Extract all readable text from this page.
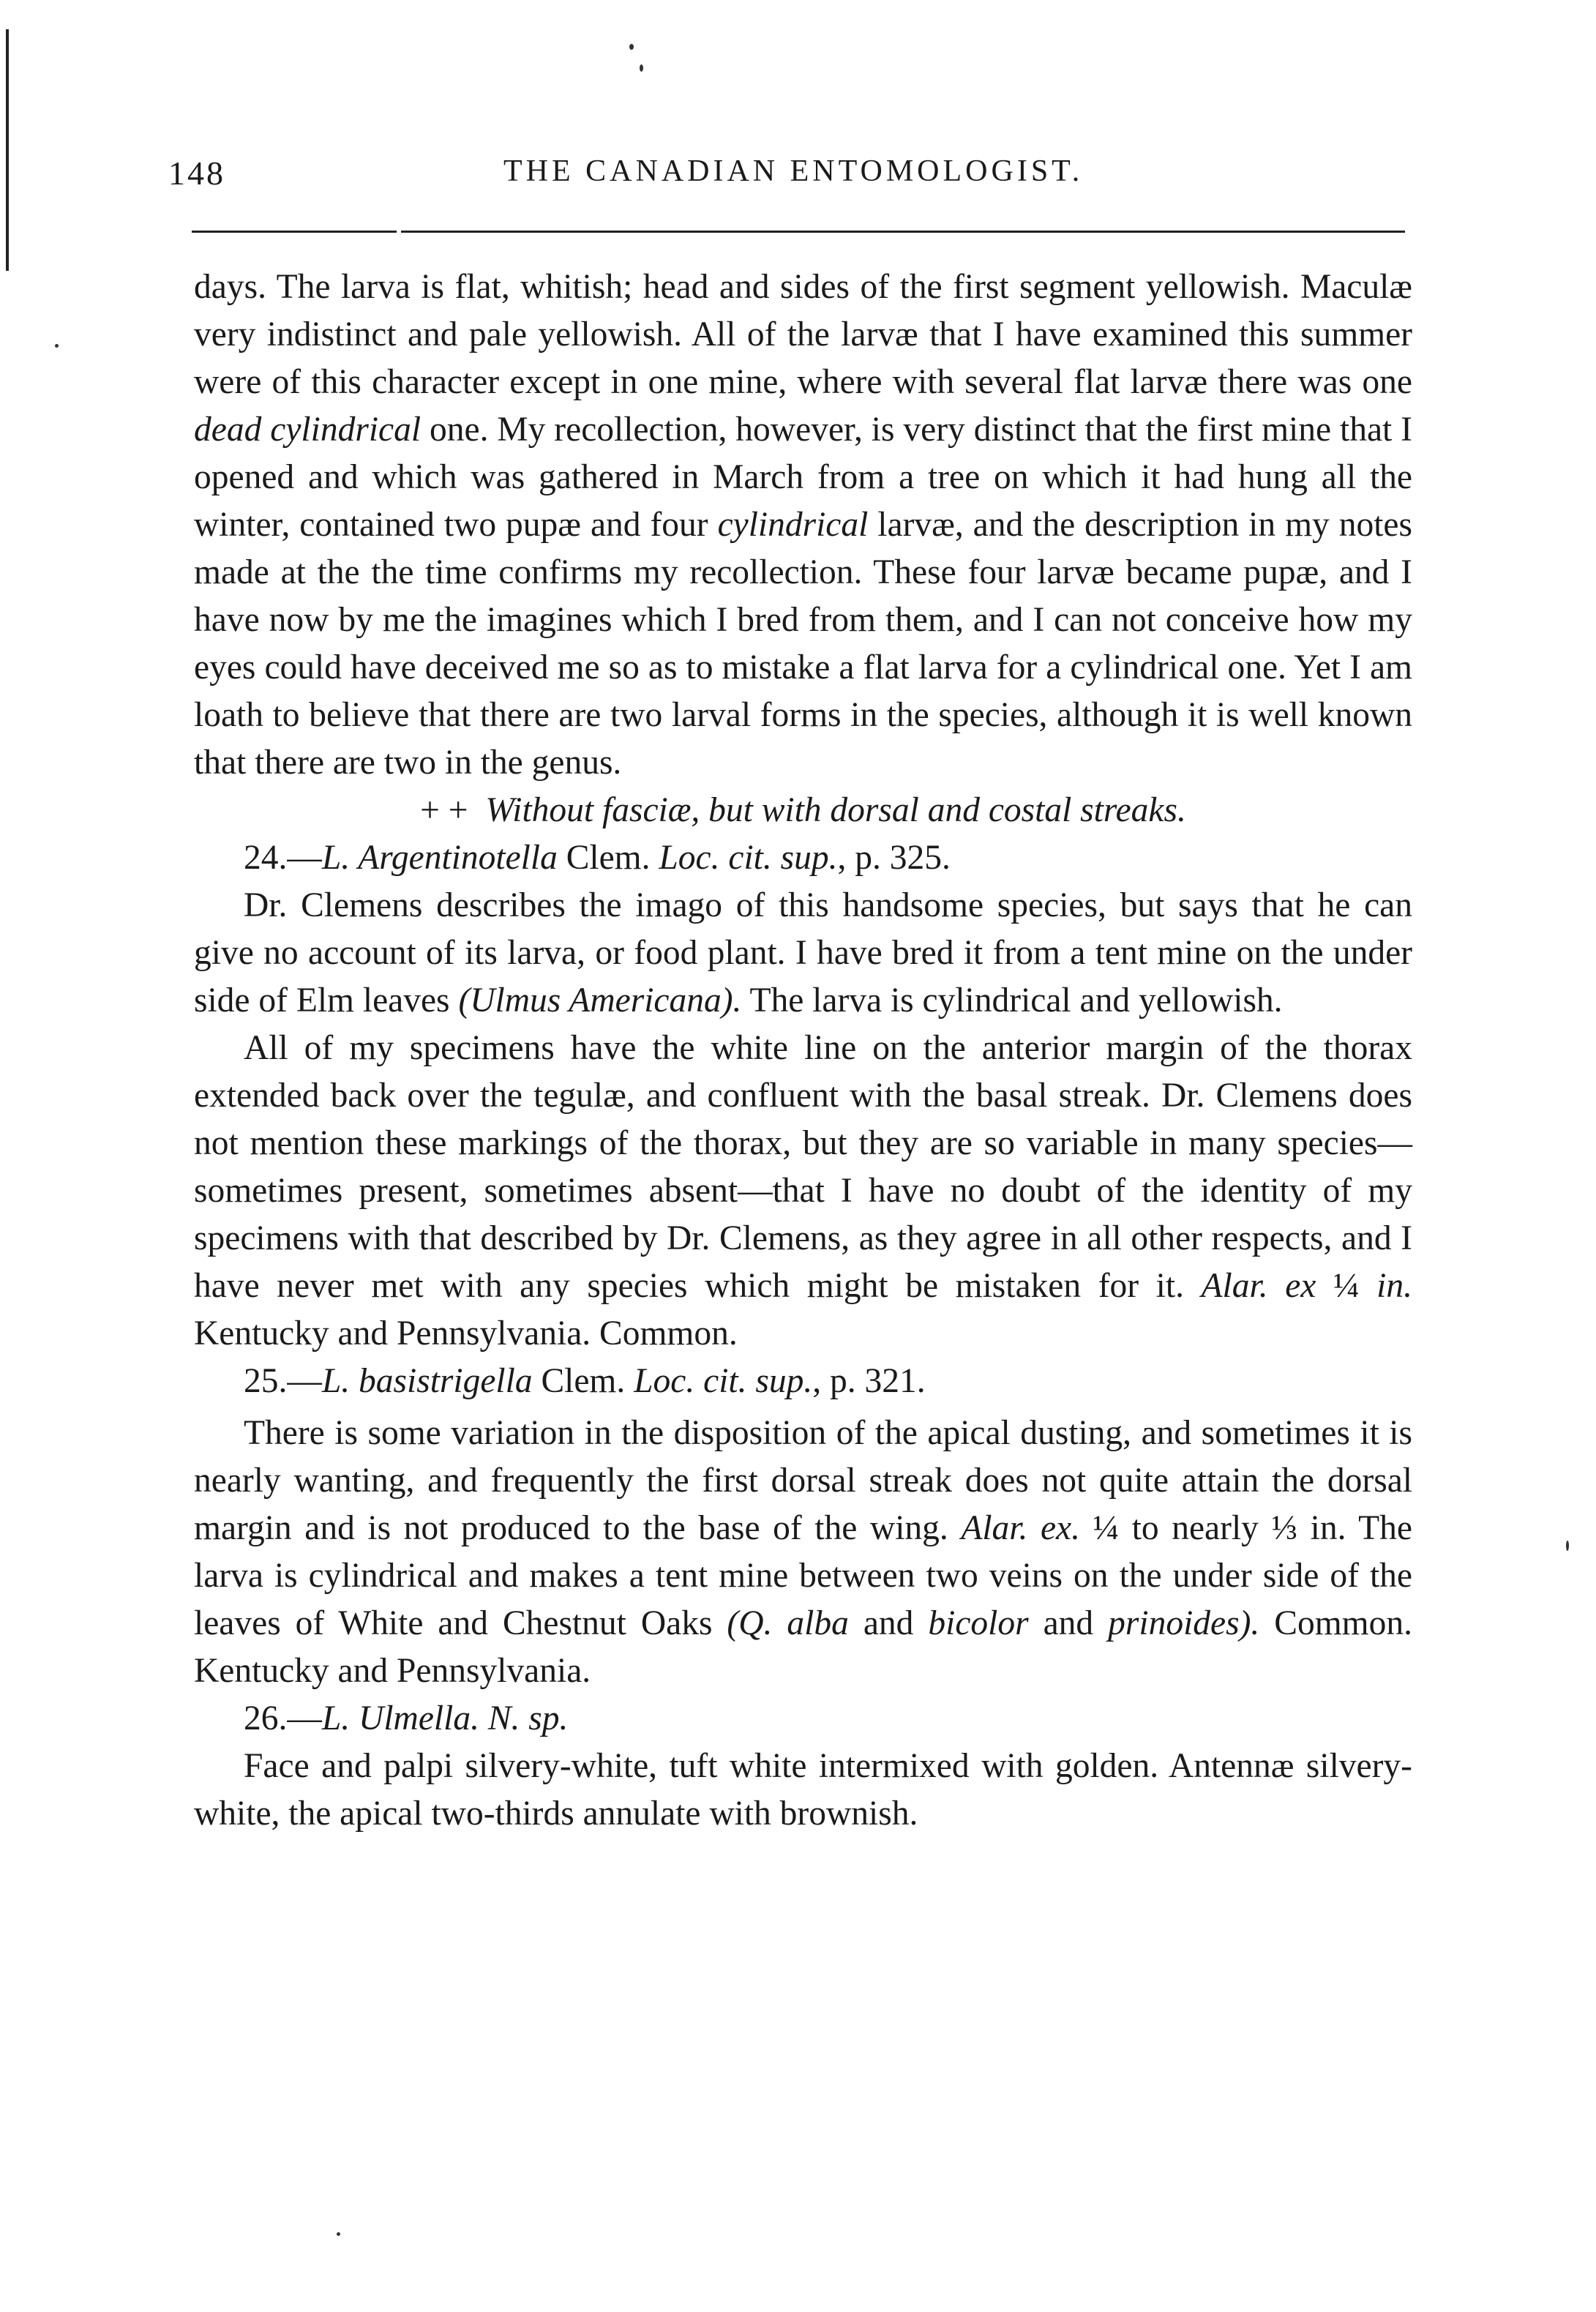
148	THE CANADIAN ENTOMOLOGIST.

days. The larva is flat, whitish; head and sides of the first segment yellowish. Maculæ very indistinct and pale yellowish. All of the larvæ that I have examined this summer were of this character except in one mine, where with several flat larvæ there was one dead cylindrical one. My recollection, however, is very distinct that the first mine that I opened and which was gathered in March from a tree on which it had hung all the winter, contained two pupæ and four cylindrical larvæ, and the description in my notes made at the the time confirms my recollection. These four larvæ became pupæ, and I have now by me the imagines which I bred from them, and I can not conceive how my eyes could have deceived me so as to mistake a flat larva for a cylindrical one. Yet I am loath to believe that there are two larval forms in the species, although it is well known that there are two in the genus.

+ + Without fasciæ, but with dorsal and costal streaks.

24.—L. Argentinotella Clem. Loc. cit. sup., p. 325.

Dr. Clemens describes the imago of this handsome species, but says that he can give no account of its larva, or food plant. I have bred it from a tent mine on the under side of Elm leaves (Ulmus Americana). The larva is cylindrical and yellowish.

All of my specimens have the white line on the anterior margin of the thorax extended back over the tegulæ, and confluent with the basal streak. Dr. Clemens does not mention these markings of the thorax, but they are so variable in many species—sometimes present, sometimes absent—that I have no doubt of the identity of my specimens with that described by Dr. Clemens, as they agree in all other respects, and I have never met with any species which might be mistaken for it. Alar. ex ¼ in. Kentucky and Pennsylvania. Common.

25.—L. basistrigella Clem. Loc. cit. sup., p. 321.

There is some variation in the disposition of the apical dusting, and sometimes it is nearly wanting, and frequently the first dorsal streak does not quite attain the dorsal margin and is not produced to the base of the wing. Alar. ex. ¼ to nearly ⅓ in. The larva is cylindrical and makes a tent mine between two veins on the under side of the leaves of White and Chestnut Oaks (Q. alba and bicolor and prinoides). Common. Kentucky and Pennsylvania.

26.—L. Ulmella. N. sp.

Face and palpi silvery-white, tuft white intermixed with golden. Antennæ silvery-white, the apical two-thirds annulate with brownish.
